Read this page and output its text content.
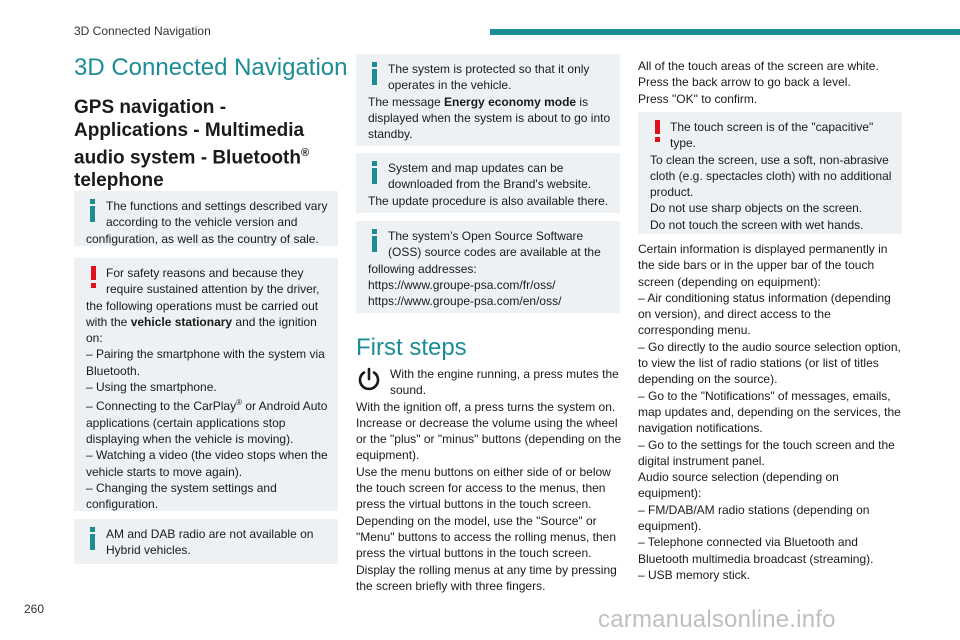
3D Connected Navigation
3D Connected Navigation
GPS navigation - Applications - Multimedia audio system - Bluetooth® telephone

The functions and settings described vary according to the vehicle version and

configuration, as well as the country of sale.

For safety reasons and because they require sustained attention by the driver,

the following operations must be carried out with the vehicle stationary and the ignition on:

– Pairing the smartphone with the system via Bluetooth.

– Using the smartphone.

– Connecting to the CarPlay® or Android Auto applications (certain applications stop displaying when the vehicle is moving).

– Watching a video (the video stops when the vehicle starts to move again).

– Changing the system settings and configuration.

AM and DAB radio are not available on Hybrid vehicles.

The system is protected so that it only operates in the vehicle.

The message Energy economy mode is displayed when the system is about to go into standby.

System and map updates can be downloaded from the Brand's website.

The update procedure is also available there.

The system’s Open Source Software (OSS) source codes are available at the

following addresses:

https://www.groupe-psa.com/fr/oss/

https://www.groupe-psa.com/en/oss/

First steps

With the engine running, a press mutes the sound.

With the ignition off, a press turns the system on.

Increase or decrease the volume using the wheel or the "plus" or "minus" buttons (depending on the equipment).

Use the menu buttons on either side of or below the touch screen for access to the menus, then press the virtual buttons in the touch screen.

Depending on the model, use the "Source" or "Menu" buttons to access the rolling menus, then press the virtual buttons in the touch screen.

Display the rolling menus at any time by pressing the screen briefly with three fingers.

All of the touch areas of the screen are white.

Press the back arrow to go back a level.

Press "OK" to confirm.

The touch screen is of the "capacitive" type.

To clean the screen, use a soft, non-abrasive cloth (e.g. spectacles cloth) with no additional product.

Do not use sharp objects on the screen.

Do not touch the screen with wet hands.

Certain information is displayed permanently in the side bars or in the upper bar of the touch screen (depending on equipment):

– Air conditioning status information (depending on version), and direct access to the corresponding menu.

– Go directly to the audio source selection option, to view the list of radio stations (or list of titles depending on the source).

– Go to the "Notifications" of messages, emails, map updates and, depending on the services, the navigation notifications.

– Go to the settings for the touch screen and the digital instrument panel.

Audio source selection (depending on equipment):

– FM/DAB/AM radio stations (depending on equipment).

– Telephone connected via Bluetooth and Bluetooth multimedia broadcast (streaming).

– USB memory stick.

260	carmanualsonline.info
